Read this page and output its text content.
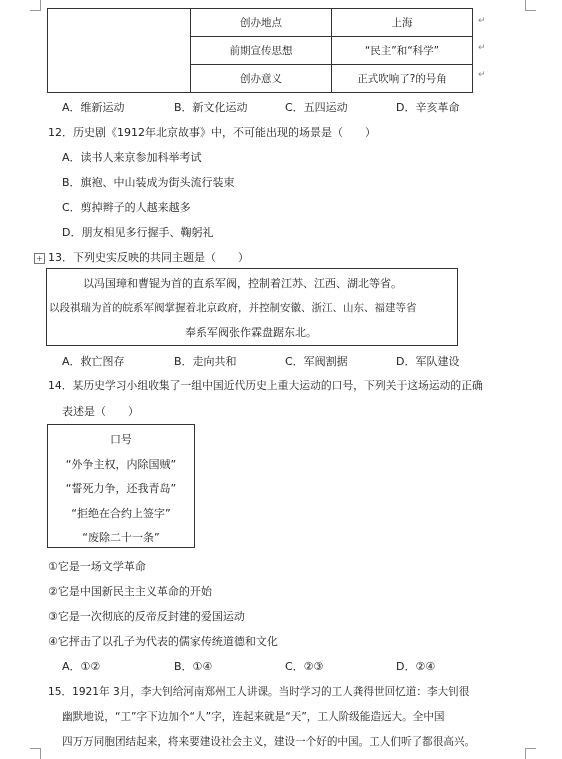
	创办地点	上海
	前期宣传思想	“民主”和“科学”
	创办意义	正式吹响了?的号角
↵
↵
↵
A．维新运动	B．新文化运动	C．五四运动	D．辛亥革命
12．历史剧《1912年北京故事》中，不可能出现的场景是（　　）
A．读书人来京参加科举考试
B．旗袍、中山装成为街头流行装束
C．剪掉辫子的人越来越多
D．朋友相见多行握手、鞠躬礼
+ 13．下列史实反映的共同主题是（　　）
以冯国璋和曹锟为首的直系军阀，控制着江苏、江西、湖北等省。
以段祺瑞为首的皖系军阀掌握着北京政府，并控制安徽、浙江、山东、福建等省
奉系军阀张作霖盘踞东北。
A．救亡图存	B．走向共和	C．军阀割据	D．军队建设
14．某历史学习小组收集了一组中国近代历史上重大运动的口号，下列关于这场运动的正确
表述是（　　）
口号
“外争主权，内除国贼”
“誓死力争，还我青岛”
“拒绝在合约上签字”
“废除二十一条”
①它是一场文学革命
②它是中国新民主主义革命的开始
③它是一次彻底的反帝反封建的爱国运动
④它抨击了以孔子为代表的儒家传统道德和文化
A．①②	B．①④	C．②③	D．②④
15．1921年 3月，李大钊给河南郑州工人讲课。当时学习的工人龚得世回忆道：李大钊很
幽默地说，“工”字下边加个“人”字，连起来就是“天”，工人阶级能造远大。全中国
四万万同胞团结起来，将来要建设社会主义，建设一个好的中国。工人们听了都很高兴。
